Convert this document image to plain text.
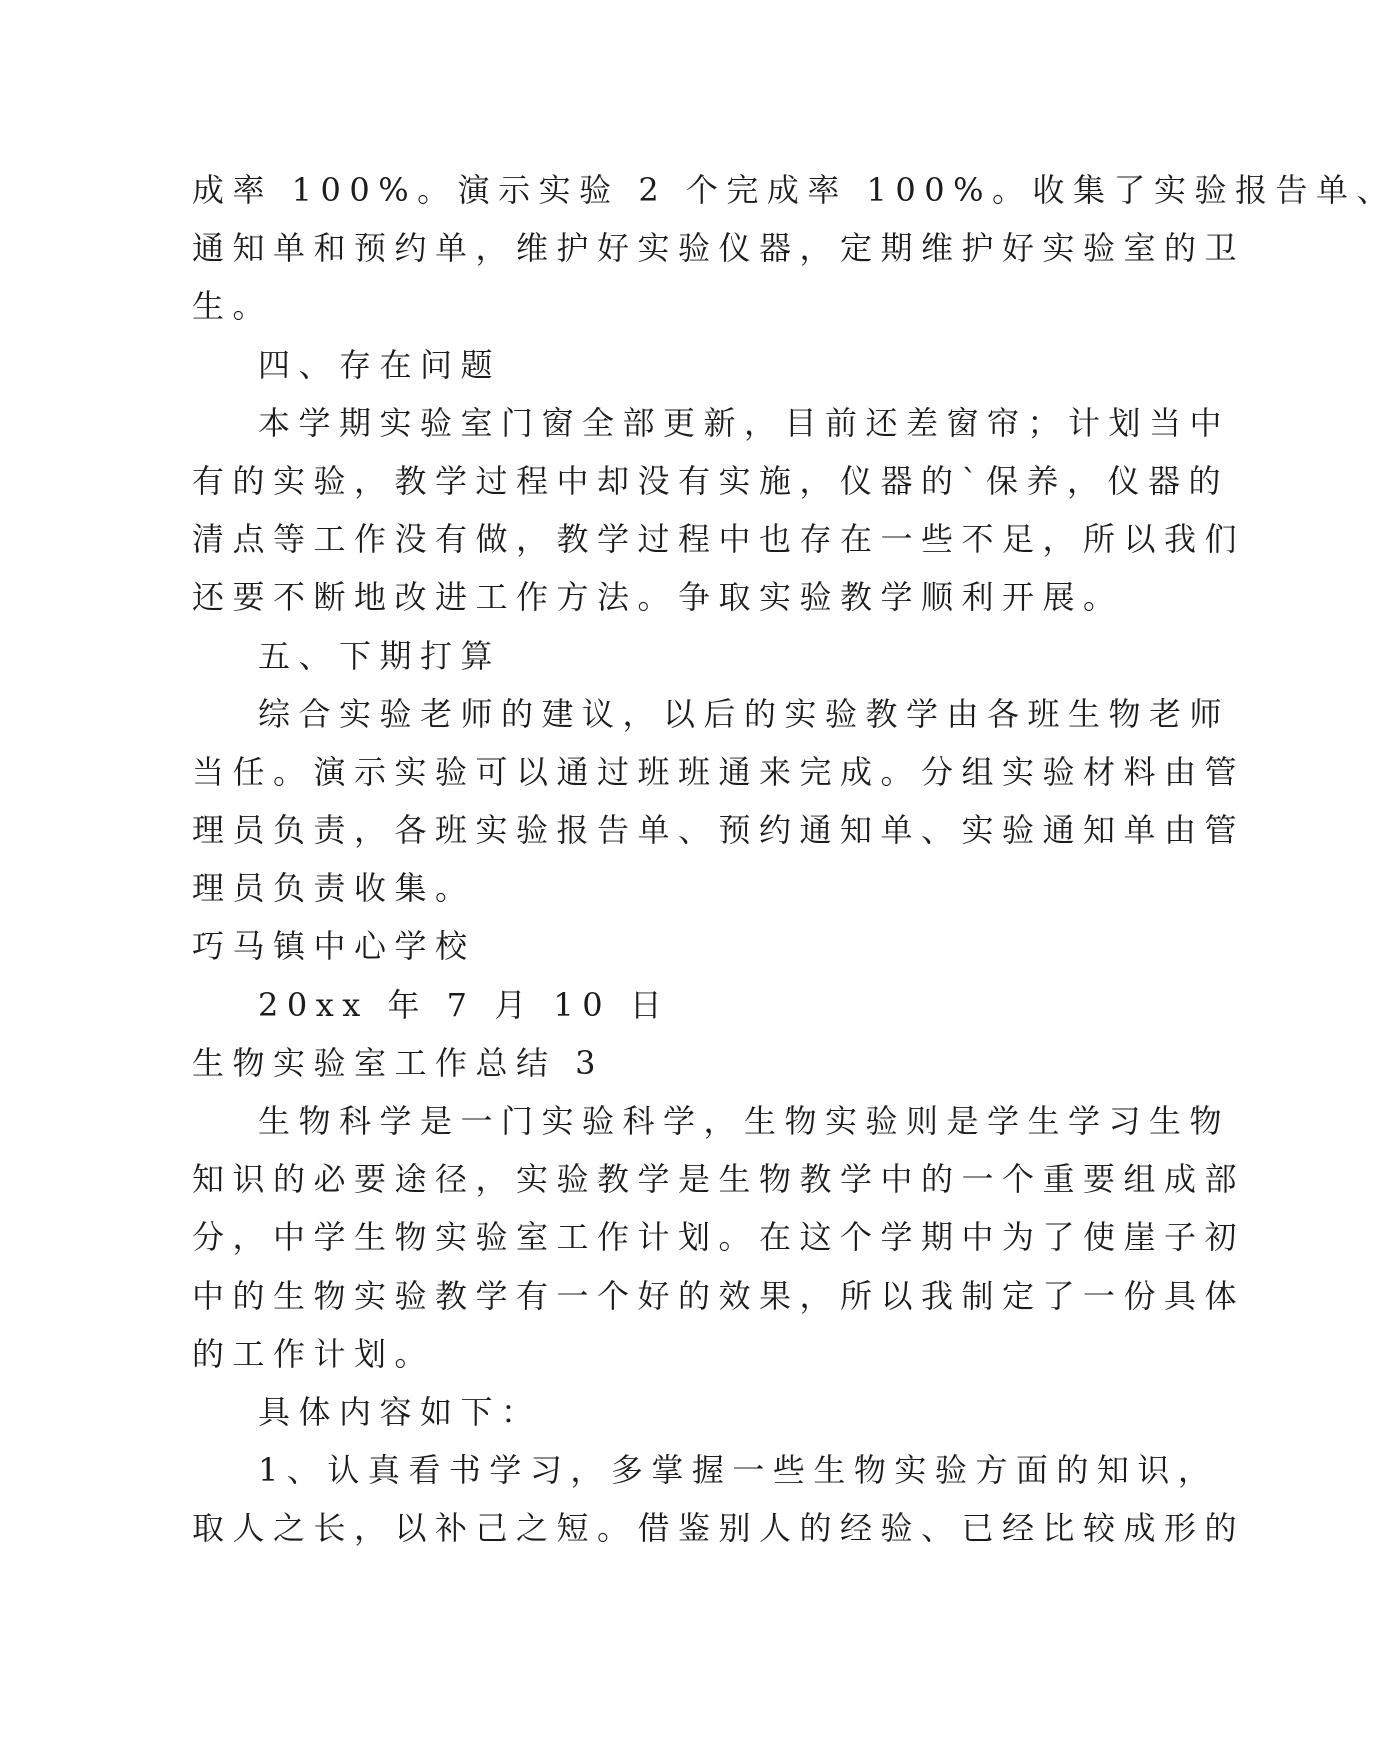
成率 100%。演示实验 2 个完成率 100%。收集了实验报告单、
通知单和预约单，维护好实验仪器，定期维护好实验室的卫
生。
四、存在问题
本学期实验室门窗全部更新，目前还差窗帘；计划当中
有的实验，教学过程中却没有实施，仪器的`保养，仪器的
清点等工作没有做，教学过程中也存在一些不足，所以我们
还要不断地改进工作方法。争取实验教学顺利开展。
五、下期打算
综合实验老师的建议，以后的实验教学由各班生物老师
当任。演示实验可以通过班班通来完成。分组实验材料由管
理员负责，各班实验报告单、预约通知单、实验通知单由管
理员负责收集。
巧马镇中心学校
20xx 年 7 月 10 日
生物实验室工作总结 3
生物科学是一门实验科学，生物实验则是学生学习生物
知识的必要途径，实验教学是生物教学中的一个重要组成部
分，中学生物实验室工作计划。在这个学期中为了使崖子初
中的生物实验教学有一个好的效果，所以我制定了一份具体
的工作计划。
具体内容如下：
1、认真看书学习，多掌握一些生物实验方面的知识，
取人之长，以补己之短。借鉴别人的经验、已经比较成形的
